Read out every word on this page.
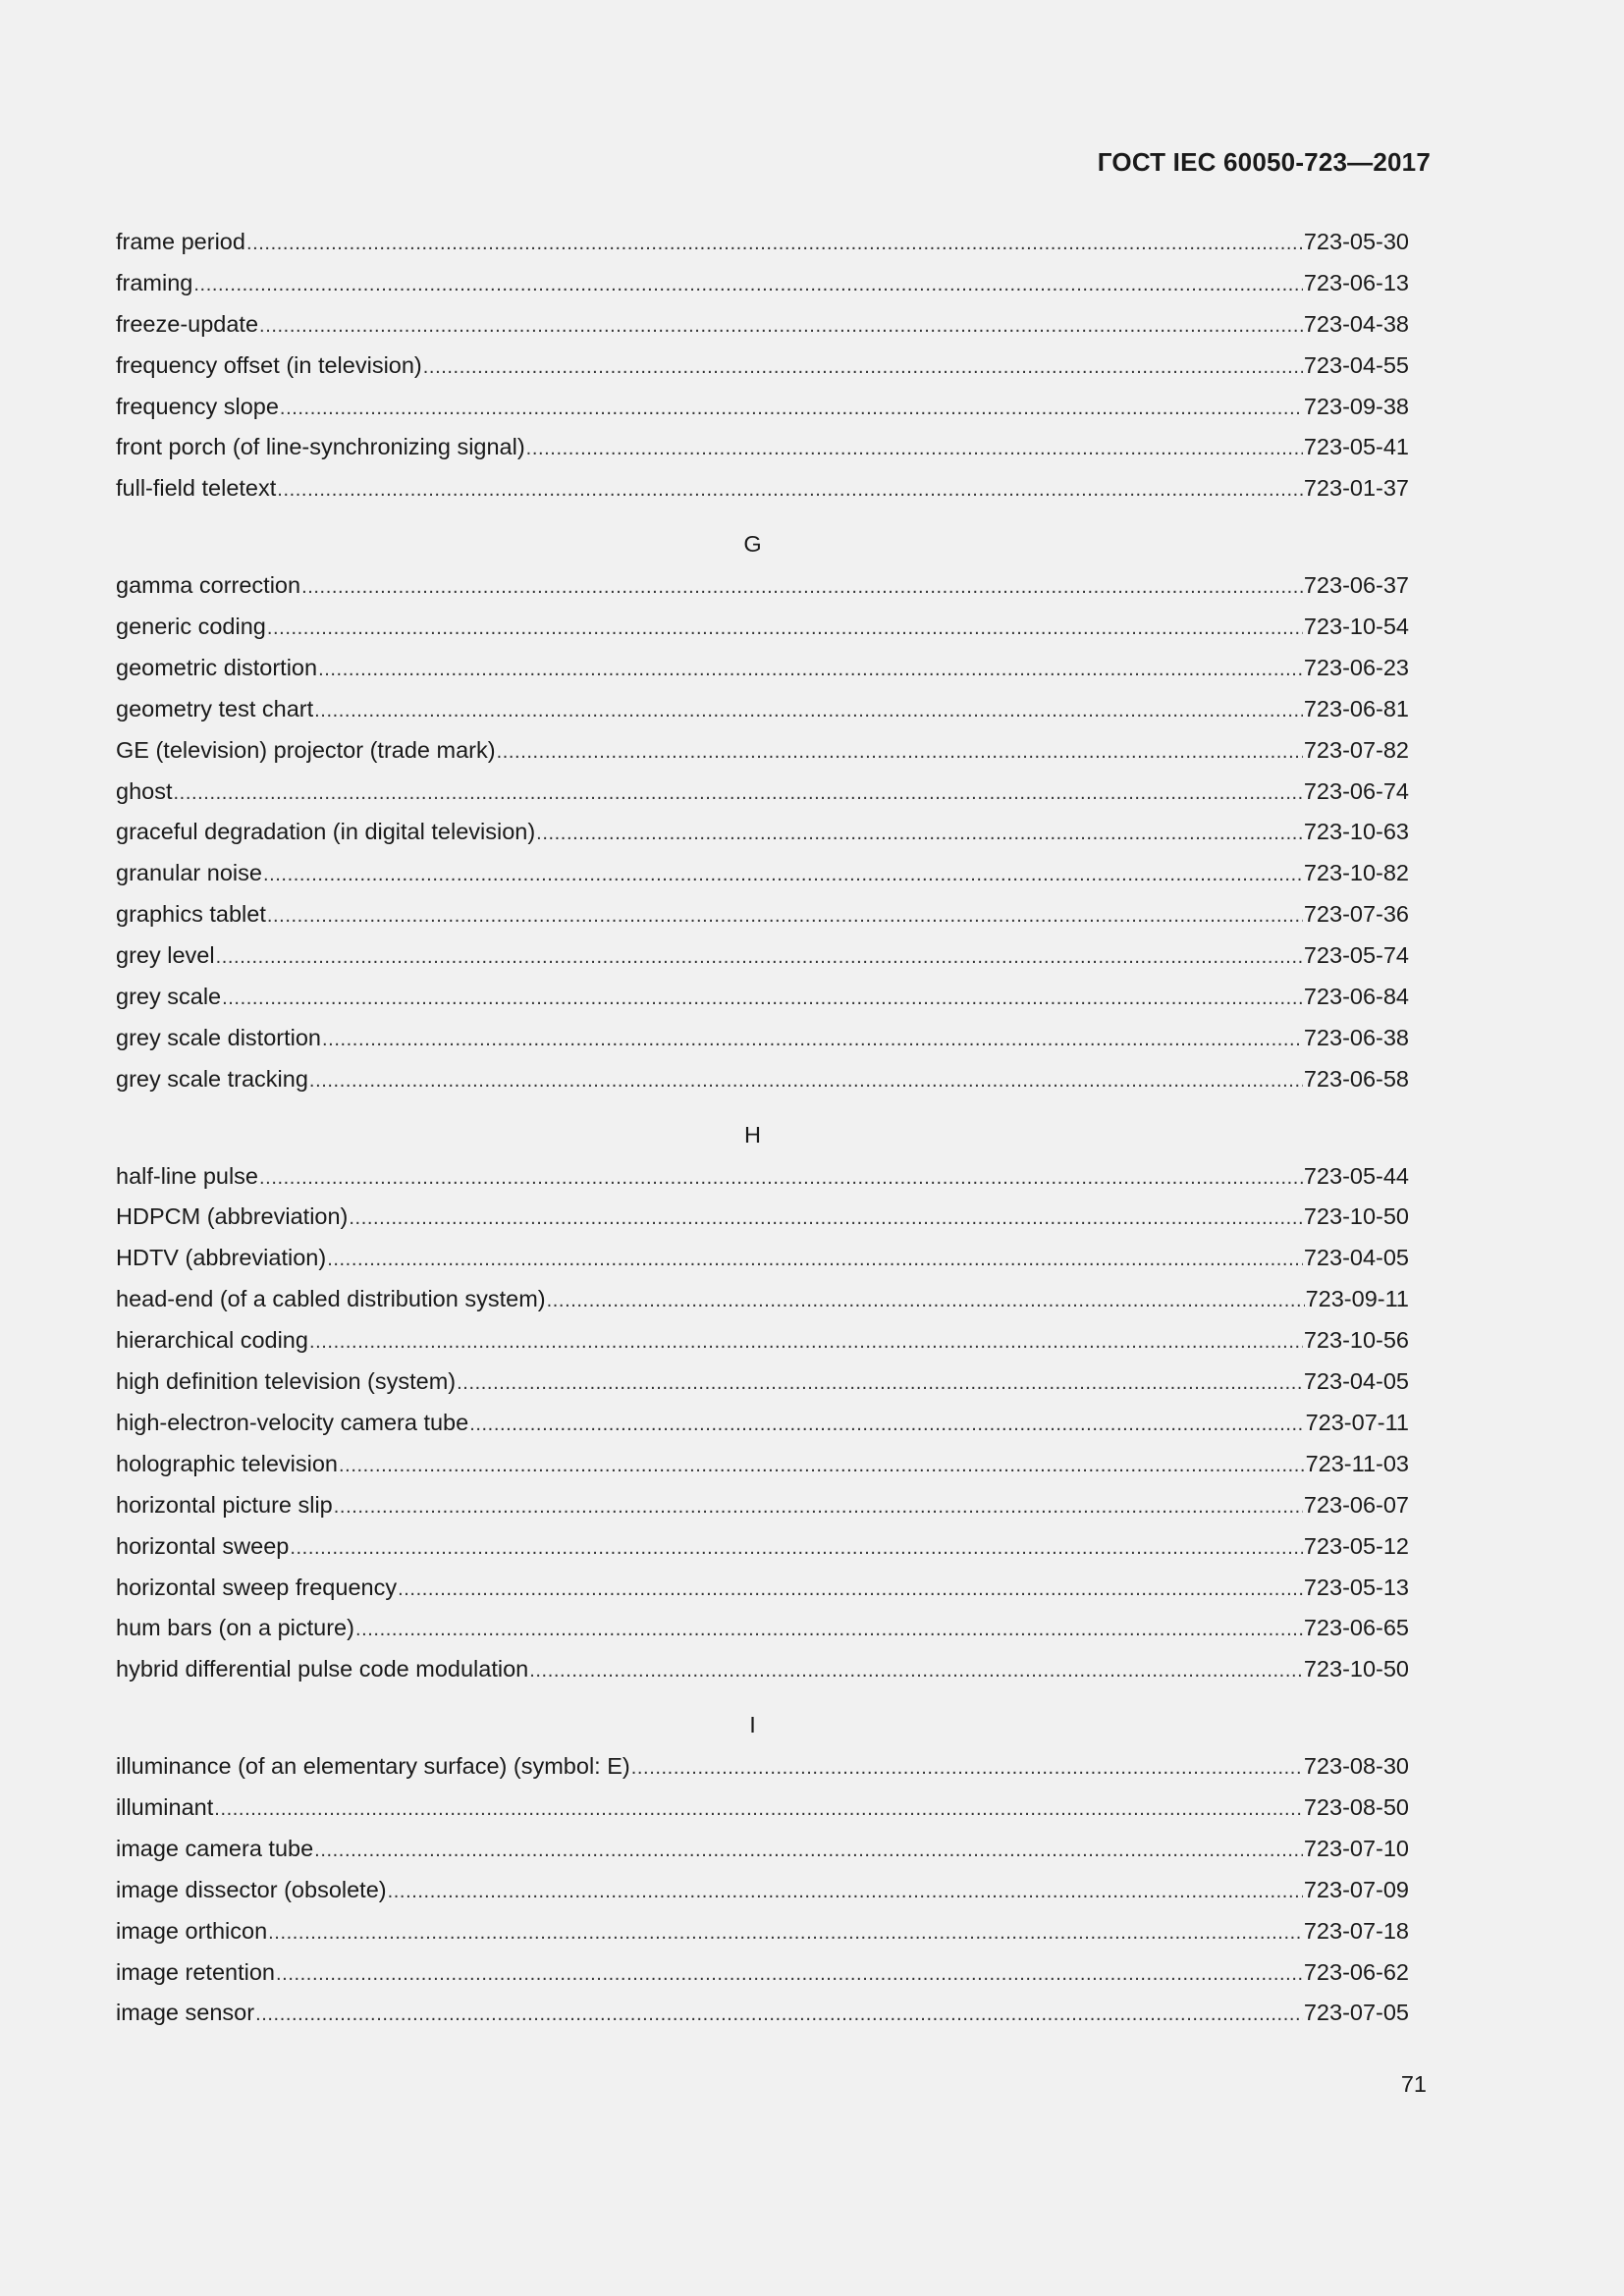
ГОСТ IEC 60050-723—2017
frame period .....	723-05-30
framing .....	723-06-13
freeze-update .....	723-04-38
frequency offset (in television) .....	723-04-55
frequency slope .....	723-09-38
front porch (of line-synchronizing signal) .....	723-05-41
full-field teletext .....	723-01-37
G
gamma correction .....	723-06-37
generic coding .....	723-10-54
geometric distortion .....	723-06-23
geometry test chart .....	723-06-81
GE (television) projector (trade mark) .....	723-07-82
ghost .....	723-06-74
graceful degradation (in digital television) .....	723-10-63
granular noise .....	723-10-82
graphics tablet .....	723-07-36
grey level .....	723-05-74
grey scale .....	723-06-84
grey scale distortion .....	723-06-38
grey scale tracking .....	723-06-58
H
half-line pulse .....	723-05-44
HDPCM (abbreviation) .....	723-10-50
HDTV (abbreviation) .....	723-04-05
head-end (of a cabled distribution system) .....	723-09-11
hierarchical coding .....	723-10-56
high definition television (system) .....	723-04-05
high-electron-velocity camera tube .....	723-07-11
holographic television .....	723-11-03
horizontal picture slip .....	723-06-07
horizontal sweep .....	723-05-12
horizontal sweep frequency .....	723-05-13
hum bars (on a picture) .....	723-06-65
hybrid differential pulse code modulation .....	723-10-50
I
illuminance (of an elementary surface) (symbol: E) .....	723-08-30
illuminant .....	723-08-50
image camera tube .....	723-07-10
image dissector (obsolete) .....	723-07-09
image orthicon .....	723-07-18
image retention .....	723-06-62
image sensor .....	723-07-05
71
